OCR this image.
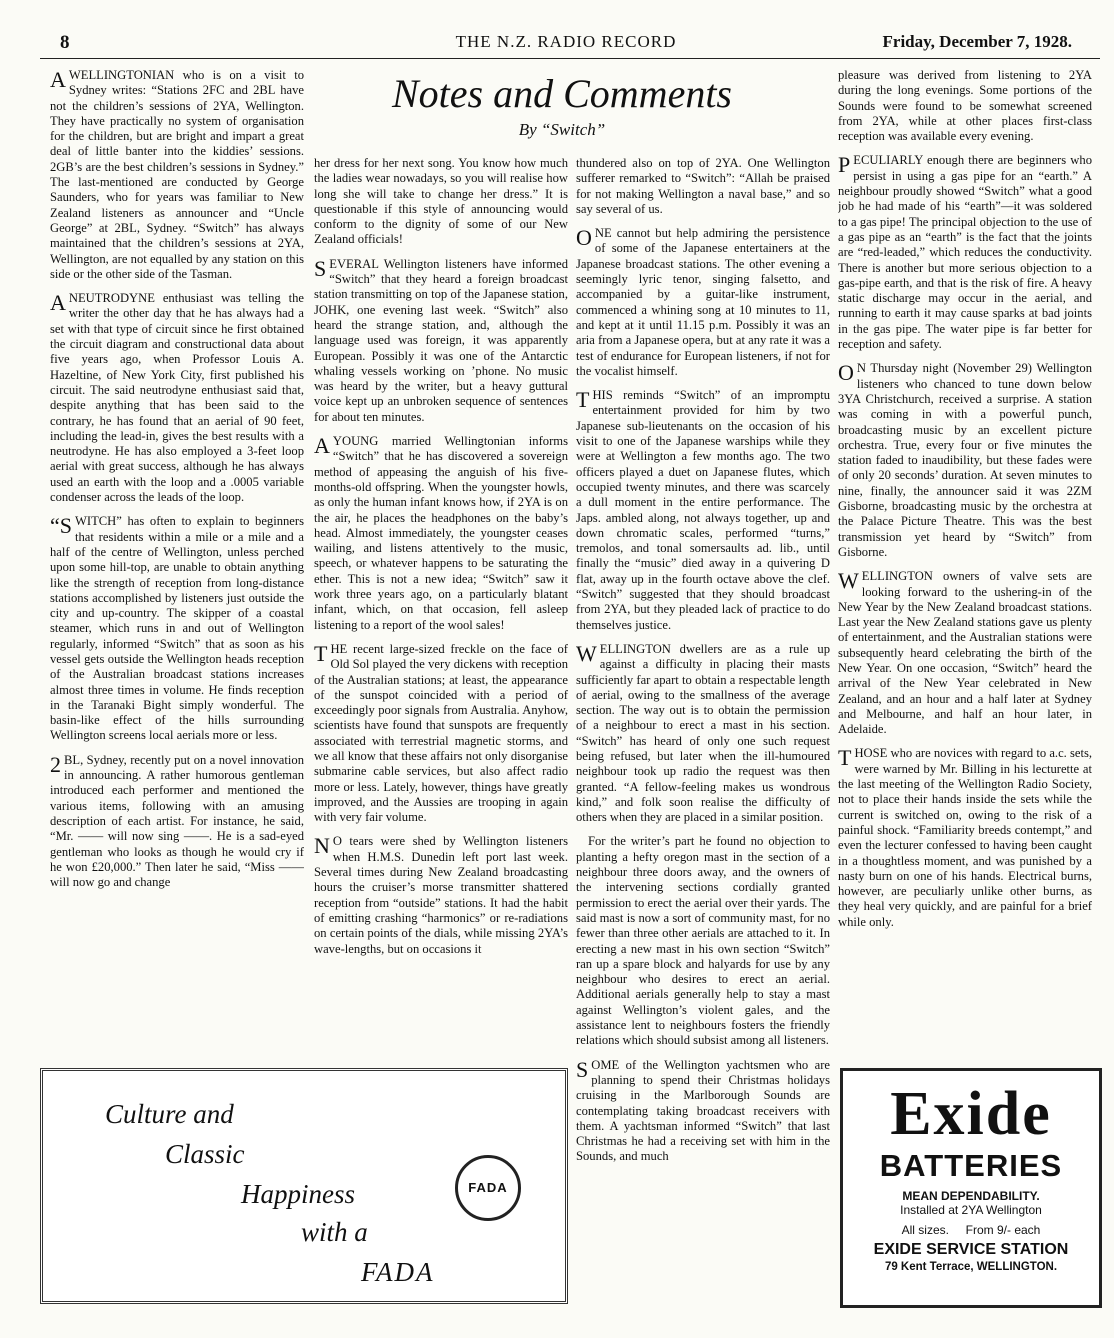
8	THE N.Z. RADIO RECORD	Friday, December 7, 1928.
Notes and Comments
By “Switch”

AWELLINGTONIAN who is on a visit to Sydney writes: “Stations 2FC and 2BL have not the children’s sessions of 2YA, Wellington. They have practically no system of organisation for the children, but are bright and impart a great deal of little banter into the kiddies’ sessions. 2GB’s are the best children’s sessions in Sydney.” The last-mentioned are conducted by George Saunders, who for years was familiar to New Zealand listeners as announcer and “Uncle George” at 2BL, Sydney. “Switch” has always maintained that the children’s sessions at 2YA, Wellington, are not equalled by any station on this side or the other side of the Tasman.

ANEUTRODYNE enthusiast was telling the writer the other day that he has always had a set with that type of circuit since he first obtained the circuit diagram and constructional data about five years ago, when Professor Louis A. Hazeltine, of New York City, first published his circuit. The said neutrodyne enthusiast said that, despite anything that has been said to the contrary, he has found that an aerial of 90 feet, including the lead-in, gives the best results with a neutrodyne. He has also employed a 3-feet loop aerial with great success, although he has always used an earth with the loop and a .0005 variable condenser across the leads of the loop.

“SWITCH” has often to explain to beginners that residents within a mile or a mile and a half of the centre of Wellington, unless perched upon some hill-top, are unable to obtain anything like the strength of reception from long-distance stations accomplished by listeners just outside the city and up-country. The skipper of a coastal steamer, which runs in and out of Wellington regularly, informed “Switch” that as soon as his vessel gets outside the Wellington heads reception of the Australian broadcast stations increases almost three times in volume. He finds reception in the Taranaki Bight simply wonderful. The basin-like effect of the hills surrounding Wellington screens local aerials more or less.

2 BL, Sydney, recently put on a novel innovation in announcing. A rather humorous gentleman introduced each performer and mentioned the various items, following with an amusing description of each artist. For instance, he said, “Mr. —— will now sing ——. He is a sad-eyed gentleman who looks as though he would cry if he won £20,000.” Then later he said, “Miss —— will now go and change

her dress for her next song. You know how much the ladies wear nowadays, so you will realise how long she will take to change her dress.” It is questionable if this style of announcing would conform to the dignity of some of our New Zealand officials!

SEVERAL Wellington listeners have informed “Switch” that they heard a foreign broadcast station transmitting on top of the Japanese station, JOHK, one evening last week. “Switch” also heard the strange station, and, although the language used was foreign, it was apparently European. Possibly it was one of the Antarctic whaling vessels working on ’phone. No music was heard by the writer, but a heavy guttural voice kept up an unbroken sequence of sentences for about ten minutes.

AYOUNG married Wellingtonian informs “Switch” that he has discovered a sovereign method of appeasing the anguish of his five-months-old offspring. When the youngster howls, as only the human infant knows how, if 2YA is on the air, he places the headphones on the baby’s head. Almost immediately, the youngster ceases wailing, and listens attentively to the music, speech, or whatever happens to be saturating the ether. This is not a new idea; “Switch” saw it work three years ago, on a particularly blatant infant, which, on that occasion, fell asleep listening to a report of the wool sales!

THE recent large-sized freckle on the face of Old Sol played the very dickens with reception of the Australian stations; at least, the appearance of the sunspot coincided with a period of exceedingly poor signals from Australia. Anyhow, scientists have found that sunspots are frequently associated with terrestrial magnetic storms, and we all know that these affairs not only disorganise submarine cable services, but also affect radio more or less. Lately, however, things have greatly improved, and the Aussies are trooping in again with very fair volume.

N O tears were shed by Wellington listeners when H.M.S. Dunedin left port last week. Several times during New Zealand broadcasting hours the cruiser’s morse transmitter shattered reception from “outside” stations. It had the habit of emitting crashing “harmonics” or re-radiations on certain points of the dials, while missing 2YA’s wave-lengths, but on occasions it

thundered also on top of 2YA. One Wellington sufferer remarked to “Switch”: “Allah be praised for not making Wellington a naval base,” and so say several of us.

ONE cannot but help admiring the persistence of some of the Japanese entertainers at the Japanese broadcast stations. The other evening a seemingly lyric tenor, singing falsetto, and accompanied by a guitar-like instrument, commenced a whining song at 10 minutes to 11, and kept at it until 11.15 p.m. Possibly it was an aria from a Japanese opera, but at any rate it was a test of endurance for European listeners, if not for the vocalist himself.

THIS reminds “Switch” of an impromptu entertainment provided for him by two Japanese sub-lieutenants on the occasion of his visit to one of the Japanese warships while they were at Wellington a few months ago. The two officers played a duet on Japanese flutes, which occupied twenty minutes, and there was scarcely a dull moment in the entire performance. The Japs. ambled along, not always together, up and down chromatic scales, performed “turns,” tremolos, and tonal somersaults ad. lib., until finally the “music” died away in a quivering D flat, away up in the fourth octave above the clef. “Switch” suggested that they should broadcast from 2YA, but they pleaded lack of practice to do themselves justice.

WELLINGTON dwellers are as a rule up against a difficulty in placing their masts sufficiently far apart to obtain a respectable length of aerial, owing to the smallness of the average section. The way out is to obtain the permission of a neighbour to erect a mast in his section. “Switch” has heard of only one such request being refused, but later when the ill-humoured neighbour took up radio the request was then granted. “A fellow-feeling makes us wondrous kind,” and folk soon realise the difficulty of others when they are placed in a similar position.

For the writer’s part he found no objection to planting a hefty oregon mast in the section of a neighbour three doors away, and the owners of the intervening sections cordially granted permission to erect the aerial over their yards. The said mast is now a sort of community mast, for no fewer than three other aerials are attached to it. In erecting a new mast in his own section “Switch” ran up a spare block and halyards for use by any neighbour who desires to erect an aerial. Additional aerials generally help to stay a mast against Wellington’s violent gales, and the assistance lent to neighbours fosters the friendly relations which should subsist among all listeners.

SOME of the Wellington yachtsmen who are planning to spend their Christmas holidays cruising in the Marlborough Sounds are contemplating taking broadcast receivers with them. A yachtsman informed “Switch” that last Christmas he had a receiving set with him in the Sounds, and much

pleasure was derived from listening to 2YA during the long evenings. Some portions of the Sounds were found to be somewhat screened from 2YA, while at other places first-class reception was available every evening.

PECULIARLY enough there are beginners who persist in using a gas pipe for an “earth.” A neighbour proudly showed “Switch” what a good job he had made of his “earth”—it was soldered to a gas pipe! The principal objection to the use of a gas pipe as an “earth” is the fact that the joints are “red-leaded,” which reduces the conductivity. There is another but more serious objection to a gas-pipe earth, and that is the risk of fire. A heavy static discharge may occur in the aerial, and running to earth it may cause sparks at bad joints in the gas pipe. The water pipe is far better for reception and safety.

O N Thursday night (November 29) Wellington listeners who chanced to tune down below 3YA Christchurch, received a surprise. A station was coming in with a powerful punch, broadcasting music by an excellent picture orchestra. True, every four or five minutes the station faded to inaudibility, but these fades were of only 20 seconds’ duration. At seven minutes to nine, finally, the announcer said it was 2ZM Gisborne, broadcasting music by the orchestra at the Palace Picture Theatre. This was the best transmission yet heard by “Switch” from Gisborne.

WELLINGTON owners of valve sets are looking forward to the ushering-in of the New Year by the New Zealand broadcast stations. Last year the New Zealand stations gave us plenty of entertainment, and the Australian stations were subsequently heard celebrating the birth of the New Year. On one occasion, “Switch” heard the arrival of the New Year celebrated in New Zealand, and an hour and a half later at Sydney and Melbourne, and half an hour later, in Adelaide.

THOSE who are novices with regard to a.c. sets, were warned by Mr. Billing in his lecturette at the last meeting of the Wellington Radio Society, not to place their hands inside the sets while the current is switched on, owing to the risk of a painful shock. “Familiarity breeds contempt,” and even the lecturer confessed to having been caught in a thoughtless moment, and was punished by a nasty burn on one of his hands. Electrical burns, however, are peculiarly unlike other burns, as they heal very quickly, and are painful for a brief while only.

Culture and
Classic
Happiness
with a
FADA
FADA
Exide
BATTERIES
MEAN DEPENDABILITY.
Installed at 2YA Wellington
All sizes. From 9/- each
EXIDE SERVICE STATION
79 Kent Terrace, WELLINGTON.
